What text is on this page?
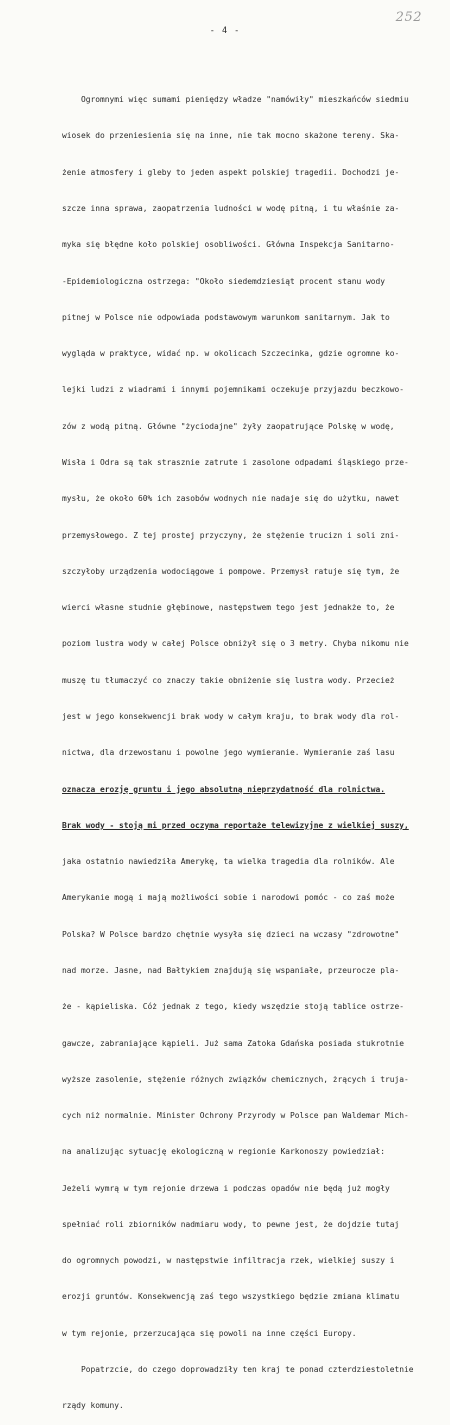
252
- 4 -

Ogromnymi więc sumami pieniędzy władze "namówiły" mieszkańców siedmiu

wiosek do przeniesienia się na inne, nie tak mocno skażone tereny. Ska-

żenie atmosfery i gleby to jeden aspekt polskiej tragedii. Dochodzi je-

szcze inna sprawa, zaopatrzenia ludności w wodę pitną, i tu właśnie za-

myka się błędne koło polskiej osobliwości. Główna Inspekcja Sanitarno-

-Epidemiologiczna ostrzega: "Około siedemdziesiąt procent stanu wody

pitnej w Polsce nie odpowiada podstawowym warunkom sanitarnym. Jak to

wygląda w praktyce, widać np. w okolicach Szczecinka, gdzie ogromne ko-

lejki ludzi z wiadrami i innymi pojemnikami oczekuje przyjazdu beczkowo-

zów z wodą pitną. Główne "życiodajne" żyły zaopatrujące Polskę w wodę,

Wisła i Odra są tak strasznie zatrute i zasolone odpadami śląskiego prze-

mysłu, że około 60% ich zasobów wodnych nie nadaje się do użytku, nawet

przemysłowego. Z tej prostej przyczyny, że stężenie trucizn i soli zni-

szczyłoby urządzenia wodociągowe i pompowe. Przemysł ratuje się tym, że

wierci własne studnie głębinowe, następstwem tego jest jednakże to, że

poziom lustra wody w całej Polsce obniżył się o 3 metry. Chyba nikomu nie

muszę tu tłumaczyć co znaczy takie obniżenie się lustra wody. Przecież

jest w jego konsekwencji brak wody w całym kraju, to brak wody dla rol-

nictwa, dla drzewostanu i powolne jego wymieranie. Wymieranie zaś lasu

oznacza erozję gruntu i jego absolutną nieprzydatność dla rolnictwa.

Brak wody - stoją mi przed oczyma reportaże telewizyjne z wielkiej suszy,

jaka ostatnio nawiedziła Amerykę, ta wielka tragedia dla rolników. Ale

Amerykanie mogą i mają możliwości sobie i narodowi pomóc - co zaś może

Polska? W Polsce bardzo chętnie wysyła się dzieci na wczasy "zdrowotne"

nad morze. Jasne, nad Bałtykiem znajdują się wspaniałe, przeurocze pla-

że - kąpieliska. Cóż jednak z tego, kiedy wszędzie stoją tablice ostrze-

gawcze, zabraniające kąpieli. Już sama Zatoka Gdańska posiada stukrotnie

wyższe zasolenie, stężenie różnych związków chemicznych, żrących i truja-

cych niż normalnie. Minister Ochrony Przyrody w Polsce pan Waldemar Mich-

na analizując sytuację ekologiczną w regionie Karkonoszy powiedział:

Jeżeli wymrą w tym rejonie drzewa i podczas opadów nie będą już mogły

spełniać roli zbiorników nadmiaru wody, to pewne jest, że dojdzie tutaj

do ogromnych powodzi, w następstwie infiltracja rzek, wielkiej suszy i

erozji gruntów. Konsekwencją zaś tego wszystkiego będzie zmiana klimatu

w tym rejonie, przerzucająca się powoli na inne części Europy.

Popatrzcie, do czego doprowadziły ten kraj te ponad czterdziestoletnie

rządy komuny.
